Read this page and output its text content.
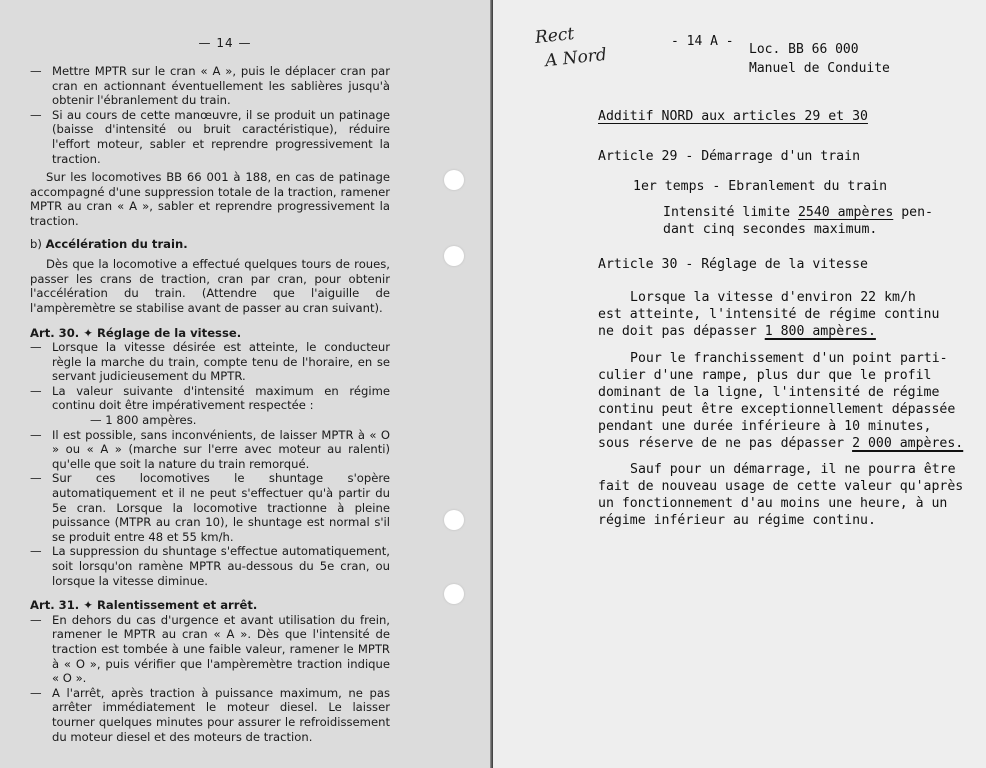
— 14 —
— Mettre MPTR sur le cran « A », puis le déplacer cran par cran en actionnant éventuellement les sablières jusqu'à obtenir l'ébranlement du train.
— Si au cours de cette manœuvre, il se produit un patinage (baisse d'intensité ou bruit caractéristique), réduire l'effort moteur, sabler et reprendre progressivement la traction.
Sur les locomotives BB 66 001 à 188, en cas de patinage accompagné d'une suppression totale de la traction, ramener MPTR au cran « A », sabler et reprendre progressivement la traction.
b) Accélération du train.
Dès que la locomotive a effectué quelques tours de roues, passer les crans de traction, cran par cran, pour obtenir l'accélération du train. (Attendre que l'aiguille de l'ampèremètre se stabilise avant de passer au cran suivant).
Art. 30. ✦ Réglage de la vitesse.
— Lorsque la vitesse désirée est atteinte, le conducteur règle la marche du train, compte tenu de l'horaire, en se servant judicieusement du MPTR.
— La valeur suivante d'intensité maximum en régime continu doit être impérativement respectée :
— 1 800 ampères.
— Il est possible, sans inconvénients, de laisser MPTR à « O » ou « A » (marche sur l'erre avec moteur au ralenti) qu'elle que soit la nature du train remorqué.
— Sur ces locomotives le shuntage s'opère automatiquement et il ne peut s'effectuer qu'à partir du 5e cran. Lorsque la locomotive tractionne à pleine puissance (MTPR au cran 10), le shuntage est normal s'il se produit entre 48 et 55 km/h.
— La suppression du shuntage s'effectue automatiquement, soit lorsqu'on ramène MPTR au-dessous du 5e cran, ou lorsque la vitesse diminue.
Art. 31. ✦ Ralentissement et arrêt.
— En dehors du cas d'urgence et avant utilisation du frein, ramener le MPTR au cran « A ». Dès que l'intensité de traction est tombée à une faible valeur, ramener le MPTR à « O », puis vérifier que l'ampèremètre traction indique « O ».
— A l'arrêt, après traction à puissance maximum, ne pas arrêter immédiatement le moteur diesel. Le laisser tourner quelques minutes pour assurer le refroidissement du moteur diesel et des moteurs de traction.
Rect
A Nord
- 14 A -
Loc. BB 66 000
Manuel de Conduite
Additif NORD aux articles 29 et 30
Article 29 - Démarrage d'un train
1er temps - Ebranlement du train
Intensité limite 2540 ampères pen-
dant cinq secondes maximum.
Article 30 - Réglage de la vitesse
Lorsque la vitesse d'environ 22 km/h
est atteinte, l'intensité de régime continu
ne doit pas dépasser 1 800 ampères.
Pour le franchissement d'un point parti-
culier d'une rampe, plus dur que le profil
dominant de la ligne, l'intensité de régime
continu peut être exceptionnellement dépassée
pendant une durée inférieure à 10 minutes,
sous réserve de ne pas dépasser 2 000 ampères.
Sauf pour un démarrage, il ne pourra être
fait de nouveau usage de cette valeur qu'après
un fonctionnement d'au moins une heure, à un
régime inférieur au régime continu.
